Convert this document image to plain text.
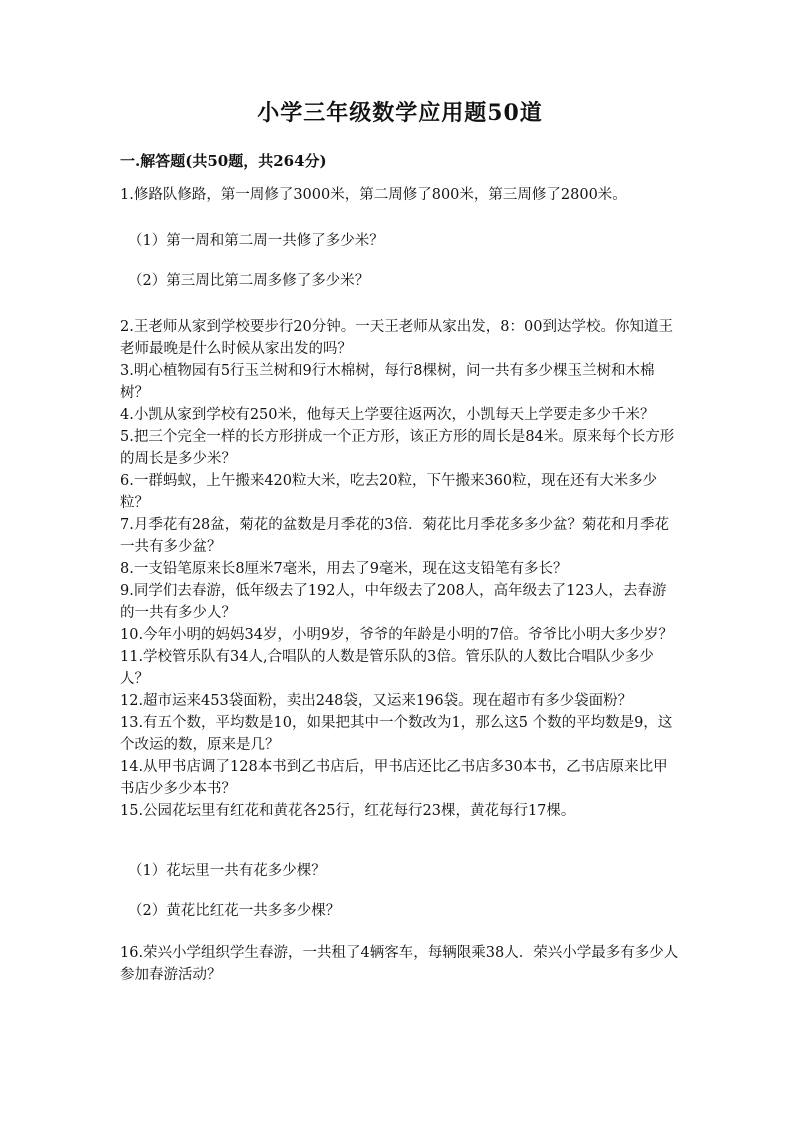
小学三年级数学应用题50道
一.解答题(共50题，共264分)

1.修路队修路，第一周修了3000米，第二周修了800米，第三周修了2800米。

（1）第一周和第二周一共修了多少米？

（2）第三周比第二周多修了多少米？

2.王老师从家到学校要步行20分钟。一天王老师从家出发，8：00到达学校。你知道王老师最晚是什么时候从家出发的吗？

3.明心植物园有5行玉兰树和9行木棉树，每行8棵树，问一共有多少棵玉兰树和木棉树？

4.小凯从家到学校有250米，他每天上学要往返两次，小凯每天上学要走多少千米？

5.把三个完全一样的长方形拼成一个正方形，该正方形的周长是84米。原来每个长方形的周长是多少米？

6.一群蚂蚁，上午搬来420粒大米，吃去20粒，下午搬来360粒，现在还有大米多少粒？

7.月季花有28盆，菊花的盆数是月季花的3倍．菊花比月季花多多少盆？菊花和月季花一共有多少盆？

8.一支铅笔原来长8厘米7毫米，用去了9毫米，现在这支铅笔有多长？

9.同学们去春游，低年级去了192人，中年级去了208人，高年级去了123人，去春游的一共有多少人？

10.今年小明的妈妈34岁，小明9岁，爷爷的年龄是小明的7倍。爷爷比小明大多少岁？

11.学校管乐队有34人,合唱队的人数是管乐队的3倍。管乐队的人数比合唱队少多少人？

12.超市运来453袋面粉，卖出248袋，又运来196袋。现在超市有多少袋面粉？

13.有五个数，平均数是10，如果把其中一个数改为1，那么这5 个数的平均数是9，这个改运的数，原来是几？

14.从甲书店调了128本书到乙书店后，甲书店还比乙书店多30本书，乙书店原来比甲书店少多少本书？

15.公园花坛里有红花和黄花各25行，红花每行23棵，黄花每行17棵。

（1）花坛里一共有花多少棵？

（2）黄花比红花一共多多少棵？

16.荣兴小学组织学生春游，一共租了4辆客车，每辆限乘38人．荣兴小学最多有多少人参加春游活动？
